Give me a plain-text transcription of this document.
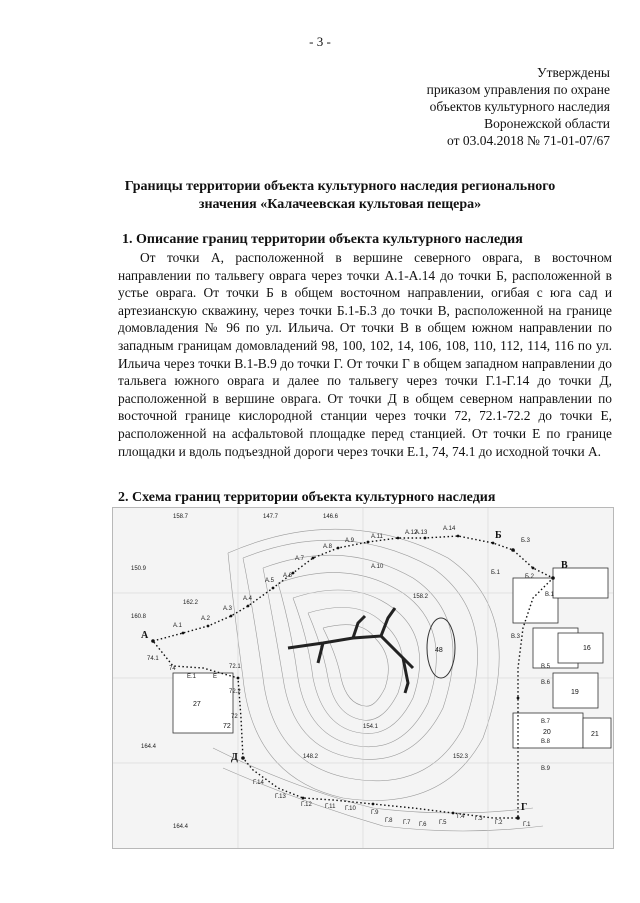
- 3 -
Утверждены
приказом управления по охране
объектов культурного наследия
Воронежской области
от 03.04.2018 № 71-01-07/67
Границы территории объекта культурного наследия регионального
значения «Калачеевская культовая пещера»
1. Описание границ территории объекта культурного наследия
От точки А, расположенной в вершине северного оврага, в восточном направлении по тальвегу оврага через точки А.1-А.14 до точки Б, расположенной в устье оврага. От точки Б в общем восточном направлении, огибая с юга сад и артезианскую скважину, через точки Б.1-Б.3 до точки В, расположенной на границе домовладения № 96 по ул. Ильича. От точки В в общем южном направлении по западным границам домовладений 98, 100, 102, 14, 106, 108, 110, 112, 114, 116 по ул. Ильича через точки В.1-В.9 до точки Г. От точки Г в общем западном направлении до тальвега южного оврага и далее по тальвегу через точки Г.1-Г.14 до точки Д, расположенной в вершине оврага. От точки Д в общем северном направлении по восточной границе кислородной станции через точки 72, 72.1-72.2 до точки Е, расположенной на асфальтовой площадке перед станцией. От точки Е по границе площадки и вдоль подъездной дороги через точки Е.1, 74, 74.1 до исходной точки А.
2. Схема границ территории объекта культурного наследия
А
А.1
А.2
А.3
А.4
А.5
А.6
А.7
А.8
А.9
А.11
А.12
А.13
А.14
А.10
Б
Б.1
Б.2
Б.3
В
В.1
В.3
В.5
В.6
В.7
В.8
В.9
Г
Г.1
Г.2
Г.3
Г.4
Г.5
Г.6
Г.7
Г.8
Г.9
Г.10
Г.11
Г.12
Г.13
Г.14
Д
Е
Е.1
74
74.1
72
72.1
72.2
27
72
48	16
19
20	21
158.7	147.7
150.9
162.2
164.4
146.6
164.4
148.2
154.1
158.2
160.8
152.3
